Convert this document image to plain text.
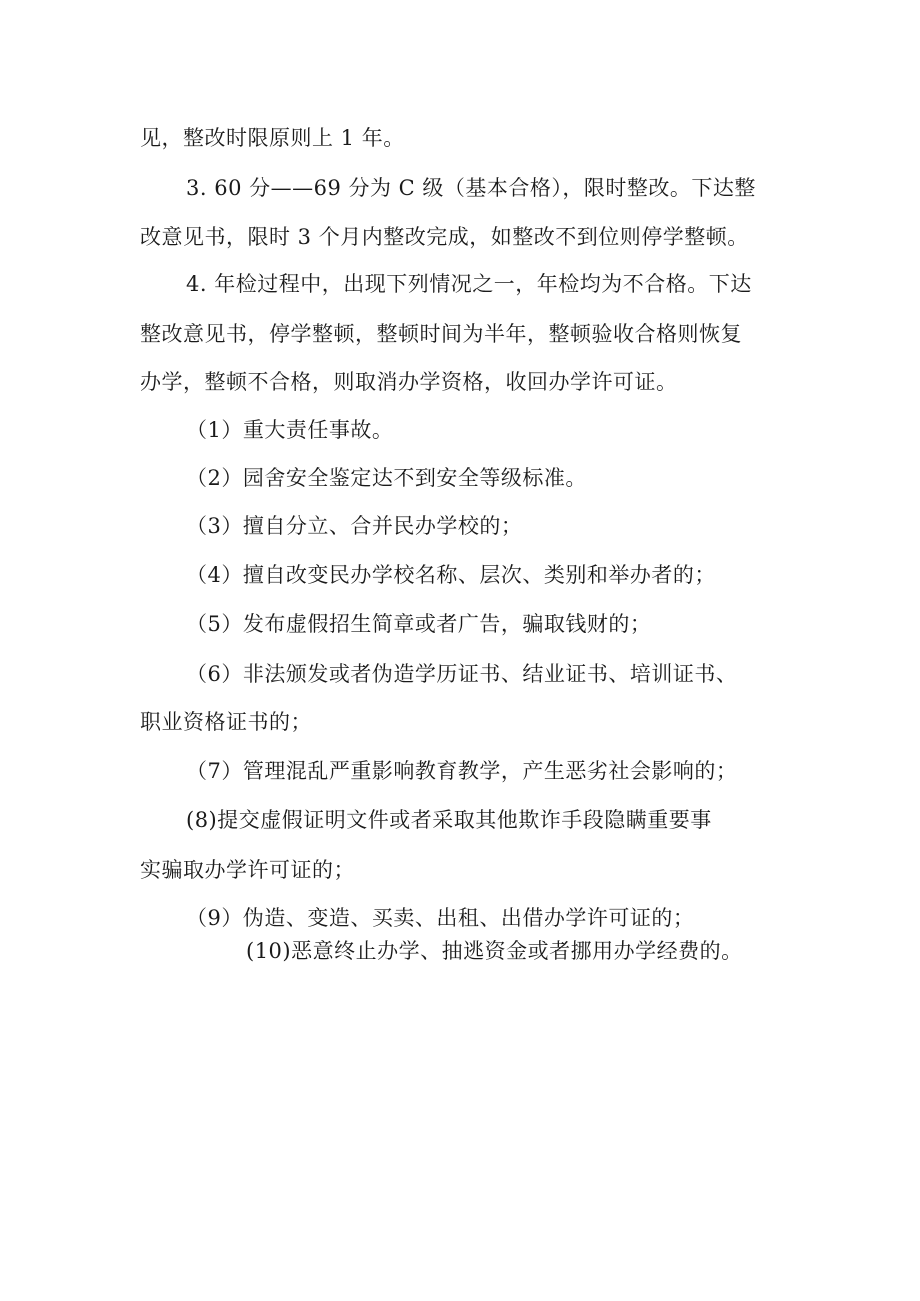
见，整改时限原则上 1 年。
3. 60 分——69 分为 C 级（基本合格），限时整改。下达整
改意见书，限时 3 个月内整改完成，如整改不到位则停学整顿。
4. 年检过程中，出现下列情况之一，年检均为不合格。下达
整改意见书，停学整顿，整顿时间为半年，整顿验收合格则恢复
办学，整顿不合格，则取消办学资格，收回办学许可证。
（1）重大责任事故。
（2）园舍安全鉴定达不到安全等级标准。
（3）擅自分立、合并民办学校的；
（4）擅自改变民办学校名称、层次、类别和举办者的；
（5）发布虚假招生简章或者广告，骗取钱财的；
（6）非法颁发或者伪造学历证书、结业证书、培训证书、
职业资格证书的；
（7）管理混乱严重影响教育教学，产生恶劣社会影响的；
(8)提交虚假证明文件或者采取其他欺诈手段隐瞒重要事
实骗取办学许可证的；
（9）伪造、变造、买卖、出租、出借办学许可证的；
(10)恶意终止办学、抽逃资金或者挪用办学经费的。
